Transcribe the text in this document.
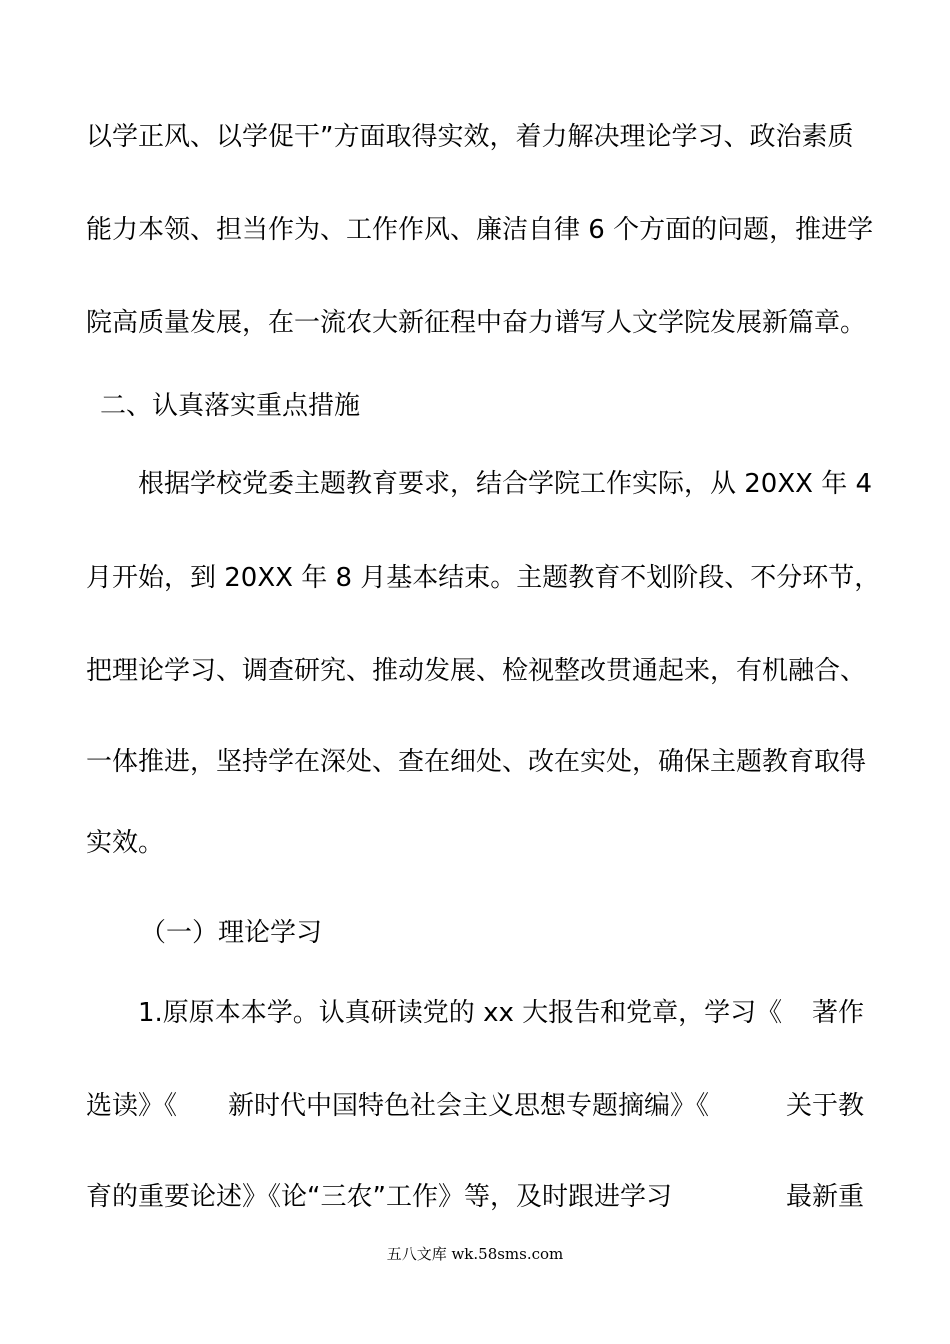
以学正风、以学促干”方面取得实效，着力解决理论学习、政治素质

能力本领、担当作为、工作作风、廉洁自律 6 个方面的问题，推进学

院高质量发展，在一流农大新征程中奋力谱写人文学院发展新篇章。

二、认真落实重点措施

根据学校党委主题教育要求，结合学院工作实际，从 20XX 年 4

月开始，到 20XX 年 8 月基本结束。主题教育不划阶段、不分环节，

把理论学习、调查研究、推动发展、检视整改贯通起来，有机融合、

一体推进，坚持学在深处、查在细处、改在实处，确保主题教育取得

实效。

（一）理论学习

1.原原本本学。认真研读党的 xx 大报告和党章，学习《 著作

选读》《 新时代中国特色社会主义思想专题摘编》《	关于教

育的重要论述》《论“三农”工作》等，及时跟进学习	最新重

五八文库 wk.58sms.com
